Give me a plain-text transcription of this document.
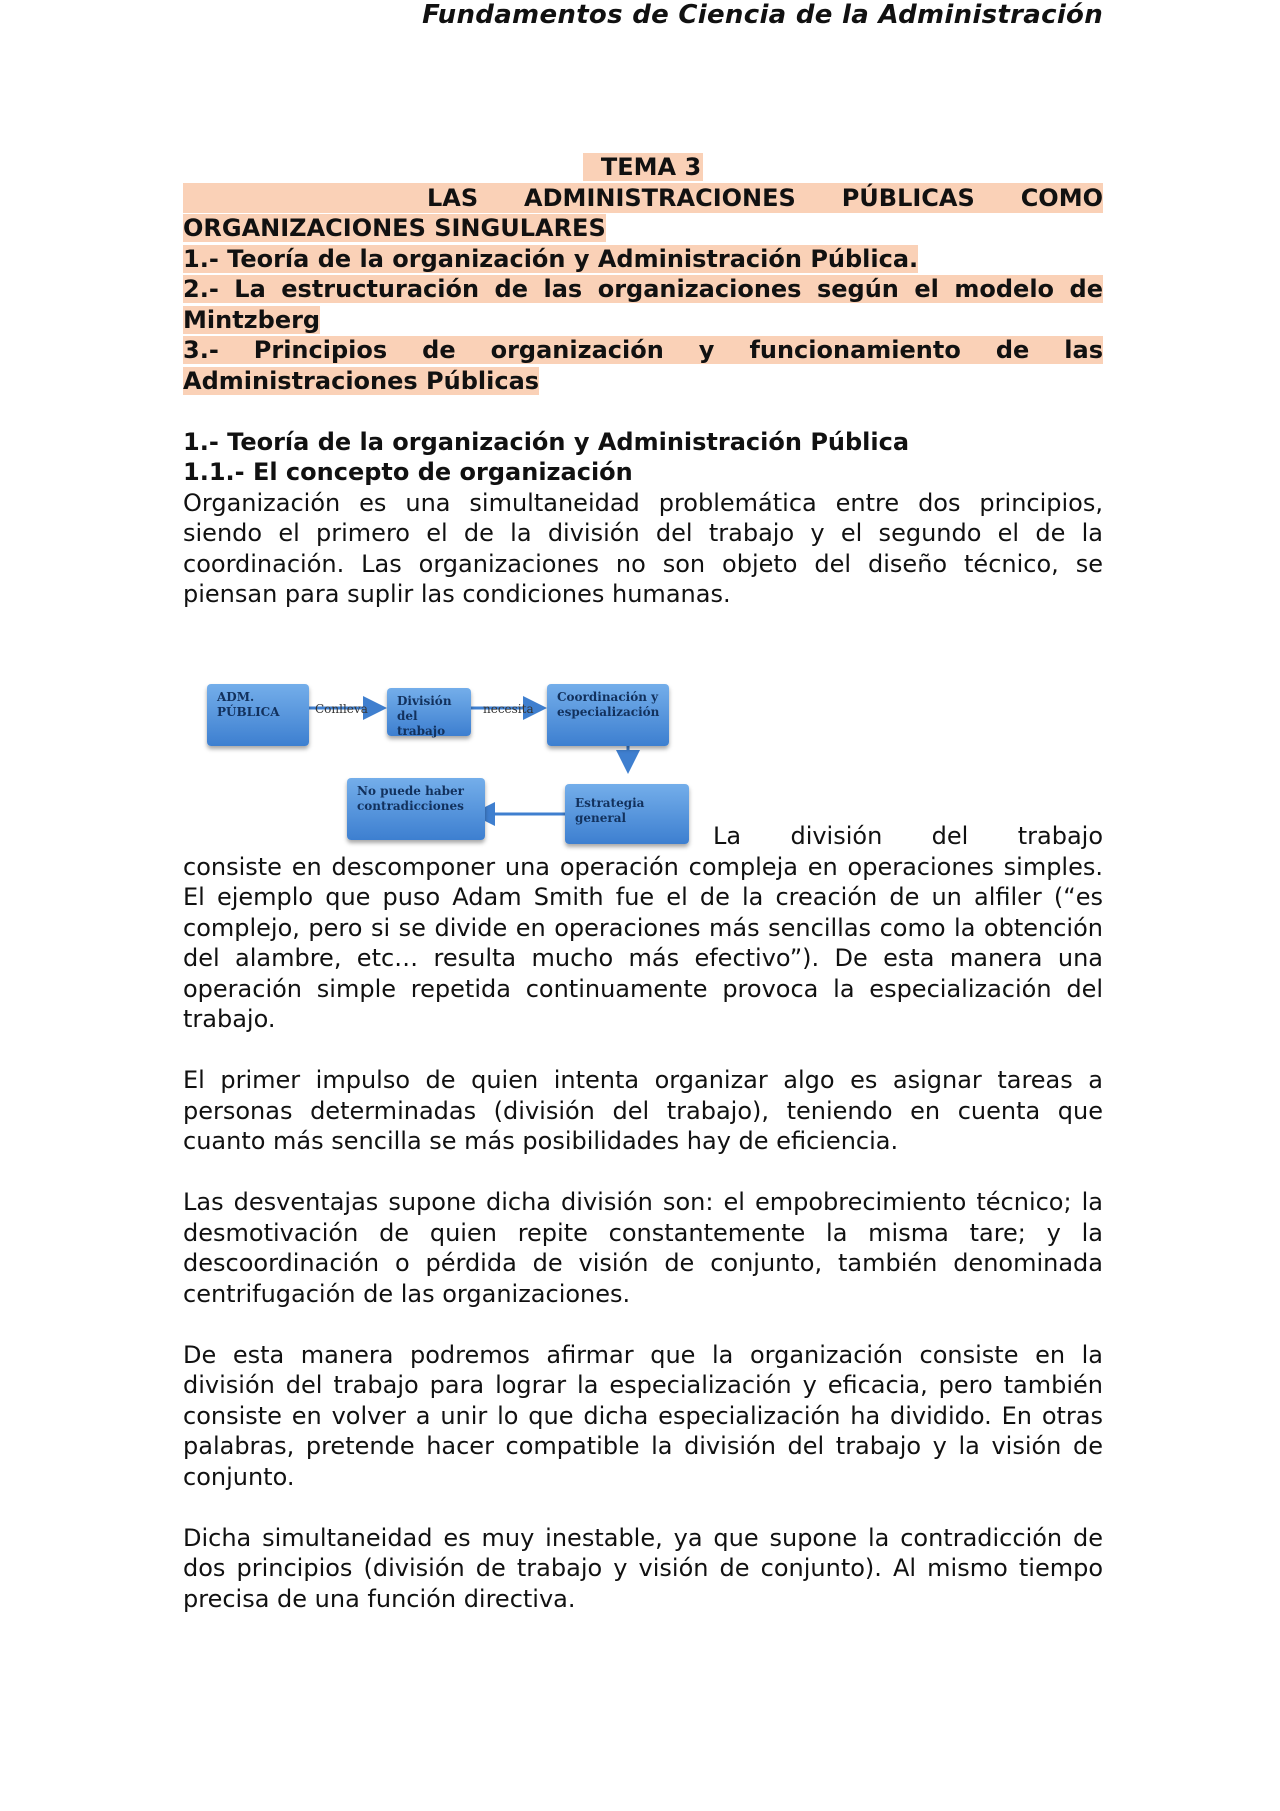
Fundamentos de Ciencia de la Administración
TEMA 3
LAS ADMINISTRACIONES PÚBLICAS COMO
ORGANIZACIONES SINGULARES
1.- Teoría de la organización y Administración Pública.
2.- La estructuración de las organizaciones según el modelo de Mintzberg
3.- Principios de organización y funcionamiento de las Administraciones Públicas
1.- Teoría de la organización y Administración Pública
1.1.- El concepto de organización

Organización es una simultaneidad problemática entre dos principios, siendo el primero el de la división del trabajo y el segundo el de la coordinación. Las organizaciones no son objeto del diseño técnico, se piensan para suplir las condiciones humanas.

ADM.
PÚBLICA	Conlleva
División del
trabajo
necesita
Coordinación y
especialización
Estrategia
general
No puede haber
contradicciones
La división del trabajo

consiste en descomponer una operación compleja en operaciones simples. El ejemplo que puso Adam Smith fue el de la creación de un alfiler (“es complejo, pero si se divide en operaciones más sencillas como la obtención del alambre, etc… resulta mucho más efectivo”). De esta manera una operación simple repetida continuamente provoca la especialización del trabajo.

El primer impulso de quien intenta organizar algo es asignar tareas a personas determinadas (división del trabajo), teniendo en cuenta que cuanto más sencilla se más posibilidades hay de eficiencia.

Las desventajas supone dicha división son: el empobrecimiento técnico; la desmotivación de quien repite constantemente la misma tare; y la descoordinación o pérdida de visión de conjunto, también denominada centrifugación de las organizaciones.

De esta manera podremos afirmar que la organización consiste en la división del trabajo para lograr la especialización y eficacia, pero también consiste en volver a unir lo que dicha especialización ha dividido. En otras palabras, pretende hacer compatible la división del trabajo y la visión de conjunto.

Dicha simultaneidad es muy inestable, ya que supone la contradicción de dos principios (división de trabajo y visión de conjunto). Al mismo tiempo precisa de una función directiva.
